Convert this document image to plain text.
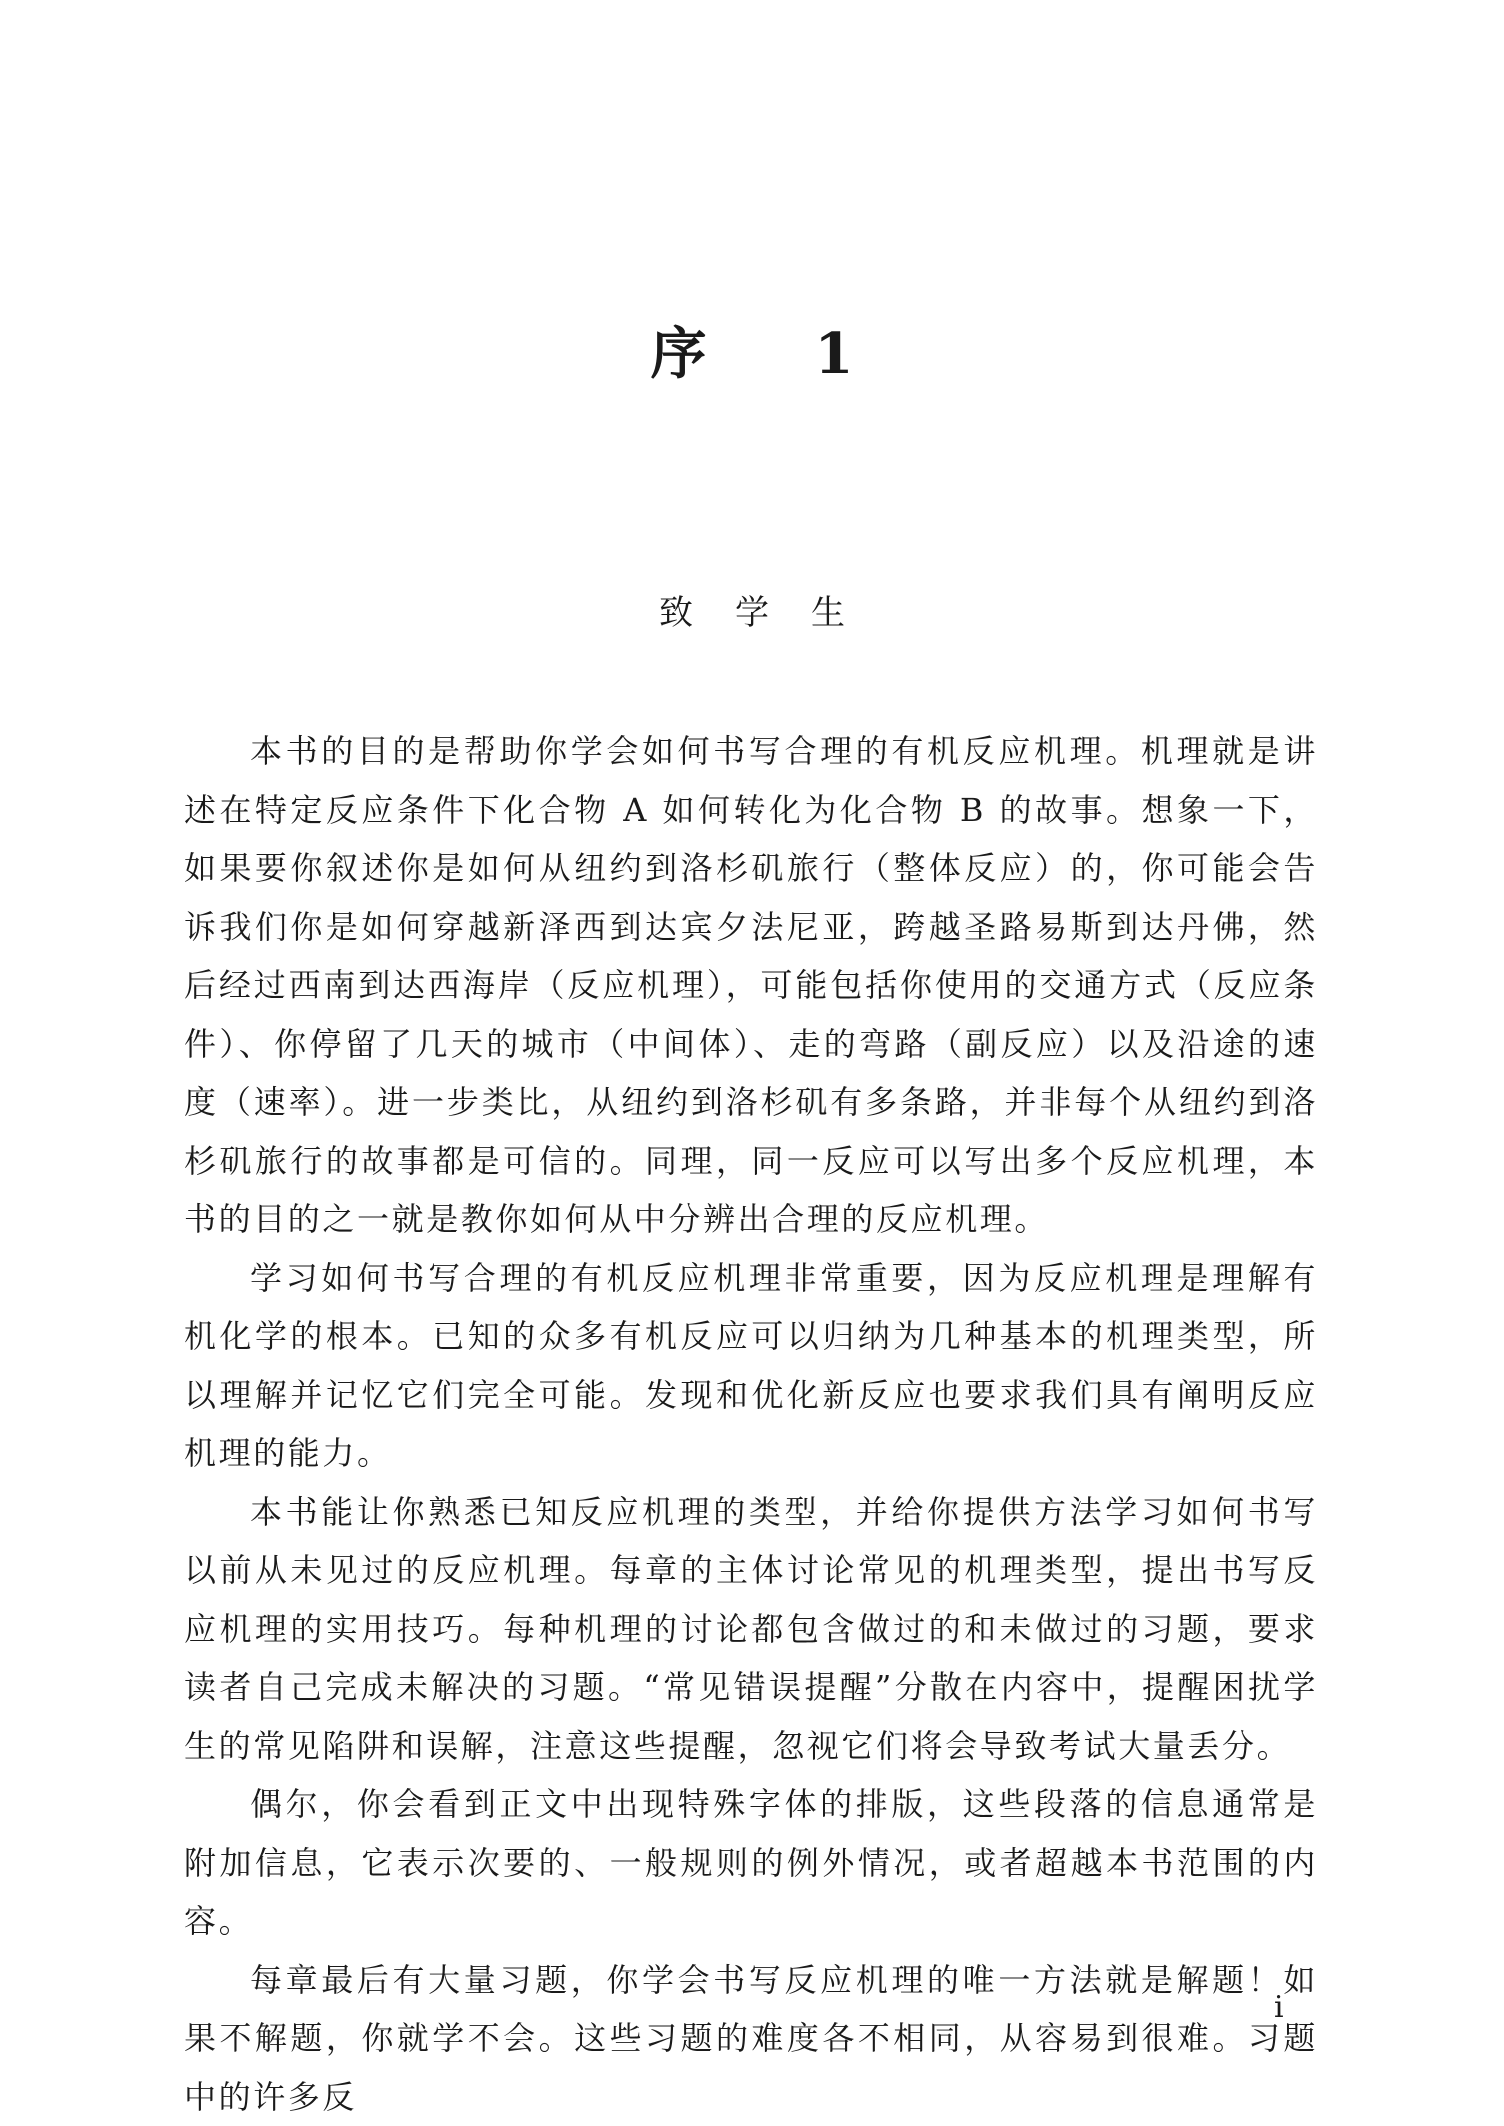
序 1
致学生

本书的目的是帮助你学会如何书写合理的有机反应机理。机理就是讲述在特定反应条件下化合物 A 如何转化为化合物 B 的故事。想象一下，如果要你叙述你是如何从纽约到洛杉矶旅行（整体反应）的，你可能会告诉我们你是如何穿越新泽西到达宾夕法尼亚，跨越圣路易斯到达丹佛，然后经过西南到达西海岸（反应机理），可能包括你使用的交通方式（反应条件）、你停留了几天的城市（中间体）、走的弯路（副反应）以及沿途的速度（速率）。进一步类比，从纽约到洛杉矶有多条路，并非每个从纽约到洛杉矶旅行的故事都是可信的。同理，同一反应可以写出多个反应机理，本书的目的之一就是教你如何从中分辨出合理的反应机理。

学习如何书写合理的有机反应机理非常重要，因为反应机理是理解有机化学的根本。已知的众多有机反应可以归纳为几种基本的机理类型，所以理解并记忆它们完全可能。发现和优化新反应也要求我们具有阐明反应机理的能力。

本书能让你熟悉已知反应机理的类型，并给你提供方法学习如何书写以前从未见过的反应机理。每章的主体讨论常见的机理类型，提出书写反应机理的实用技巧。每种机理的讨论都包含做过的和未做过的习题，要求读者自己完成未解决的习题。“常见错误提醒”分散在内容中，提醒困扰学生的常见陷阱和误解，注意这些提醒，忽视它们将会导致考试大量丢分。

偶尔，你会看到正文中出现特殊字体的排版，这些段落的信息通常是附加信息，它表示次要的、一般规则的例外情况，或者超越本书范围的内容。

每章最后有大量习题，你学会书写反应机理的唯一方法就是解题！如果不解题，你就学不会。这些习题的难度各不相同，从容易到很难。习题中的许多反

i
